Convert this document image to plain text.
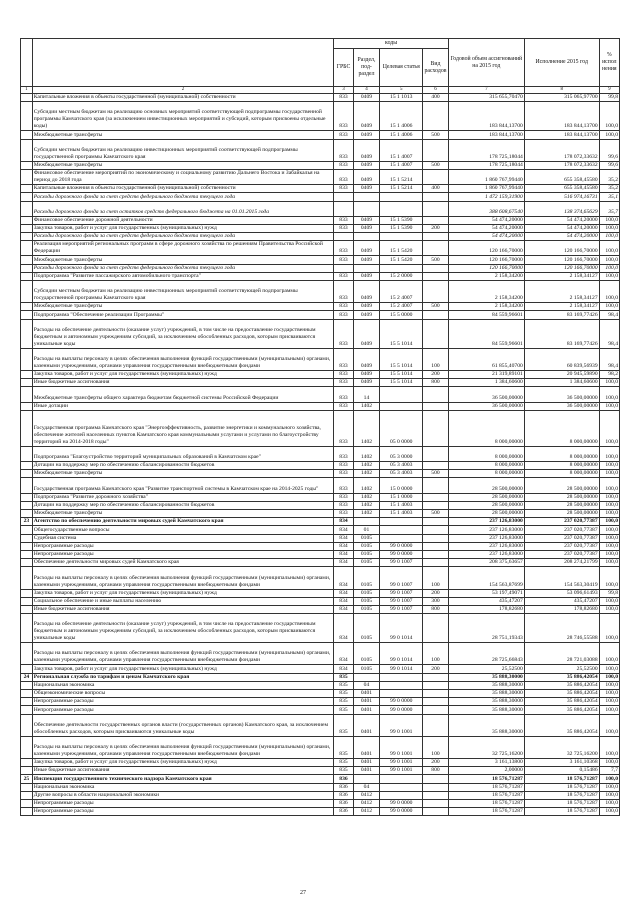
		коды				Годовой объем ассигнований на 2015 год	Исполнение 2015 год	% испол нения
		ГРБС	Раздел, под-раздел	Целевая статья	Вид расходов			
1	2	3	4	5	6	7	8	9
	Капитальные вложения в объекты государственной (муниципальной) собственности	833	0409	15 1 1013	400	315 655,70470	315 065,97700	99,8
	Субсидии местным бюджетам на реализацию основных мероприятий соответствующей подпрограммы государственной программы Камчатского края (за исключением инвестиционных мероприятий и субсидий, которым присвоены отдельные коды)	833	0409	15 1 4006		183 844,13700	183 844,13700	100,0
	Межбюджетные трансферты	833	0409	15 1 4006	500	183 844,13700	183 844,13700	100,0
	Субсидии местным бюджетам на реализацию инвестиционных мероприятий соответствующей подпрограммы государственной программы Камчатского края	833	0409	15 1 4007		178 725,18044	178 072,33632	99,6
	Межбюджетные трансферты	833	0409	15 1 4007	500	178 725,18044	178 072,33632	99,6
	Финансовое обеспечение мероприятий по экономическому и социальному развитию Дальнего Востока и Забайкалья на период до 2018 года	833	0409	15 1 5214		1 860 767,99440	655 358,45580	35,2
	Капитальные вложения в объекты государственной (муниципальной) собственности	833	0409	15 1 5214	400	1 860 767,99440	655 358,45580	35,2
	Расходы дорожного фонда за счет средств федерального бюджета текущего года					1 472 159,31900	516 974,16731	35,1
	Расходы дорожного фонда за счет остатков средств федерального бюджета на 01.01.2015 года					388 608,67540	138 374,65629	35,7
	Финансовое обеспечение дорожной деятельности	833	0409	15 1 5390		54 474,20000	54 474,20000	100,0
	Закупка товаров, работ и услуг для государственных (муниципальных) нужд	833	0409	15 1 5390	200	54 474,20000	54 474,20000	100,0
	Расходы дорожного фонда за счет средств федерального бюджета текущего года					54 474,20000	54 474,20000	100,0
	Реализация мероприятий региональных программ в сфере дорожного хозяйства по решениям Правительства Российской Федерации	833	0409	15 1 5420		120 166,70000	120 166,70000	100,0
	Межбюджетные трансферты	833	0409	15 1 5420	500	120 166,70000	120 166,70000	100,0
	Расходы дорожного фонда за счет средств федерального бюджета текущего года					120 166,70000	120 166,70000	100,0
	Подпрограмма "Развитие пассажирского автомобильного транспорта"	833	0409	15 2 0000		2 158,34200	2 158,34127	100,0
	Субсидии местным бюджетам на реализацию инвестиционных мероприятий соответствующей подпрограммы государственной программы Камчатского края	833	0409	15 2 4007		2 158,34200	2 158,34127	100,0
	Межбюджетные трансферты	833	0409	15 2 4007	500	2 158,34200	2 158,34127	100,0
	Подпрограмма "Обеспечение реализации Программы"	833	0409	15 5 0000		84 559,96601	83 169,77426	98,4
	Расходы на обеспечение деятельности (оказание услуг) учреждений, в том числе на предоставление государственным бюджетным и автономным учреждениям субсидий, за исключением обособленных расходов, которым присваиваются уникальные коды	833	0409	15 5 1014		84 559,96601	83 169,77426	98,4
	Расходы на выплаты персоналу в целях обеспечения выполнения функций государственными (муниципальными) органами, казенными учреждениями, органами управления государственными внебюджетными фондами	833	0409	15 5 1014	100	61 855,40700	60 839,56939	98,4
	Закупка товаров, работ и услуг для государственных (муниципальных) нужд	833	0409	15 5 1014	200	21 319,89101	20 945,59890	98,2
	Иные бюджетные ассигнования	833	0409	15 5 1014	800	1 384,60600	1 384,60600	100,0
	Межбюджетные трансферты общего характера бюджетам бюджетной системы Российской Федерации	833	14			36 500,00000	36 500,00000	100,0
	Иные дотации	833	1402			36 500,00000	36 500,00000	100,0
	Государственная программа Камчатского края "Энергоэффективность, развитие энергетики и коммунального хозяйства, обеспечение жителей населенных пунктов Камчатского края коммунальными услугами и услугами по благоустройству территорий на 2014-2018 годы"	833	1402	05 0 0000		8 000,00000	8 000,00000	100,0
	Подпрограмма "Благоустройство территорий муниципальных образований в Камчатском крае"	833	1402	05 3 0000		8 000,00000	8 000,00000	100,0
	Дотации на поддержку мер по обеспечению сбалансированности бюджетов	833	1402	05 3 4003		8 000,00000	8 000,00000	100,0
	Межбюджетные трансферты	833	1402	05 3 4003	500	8 000,00000	8 000,00000	100,0
	Государственная программа Камчатского края "Развитие транспортной системы в Камчатском крае на 2014-2025 годы"	833	1402	15 0 0000		28 500,00000	28 500,00000	100,0
	Подпрограмма "Развитие дорожного хозяйства"	833	1402	15 1 0000		28 500,00000	28 500,00000	100,0
	Дотации на поддержку мер по обеспечению сбалансированности бюджетов	833	1402	15 1 4003		28 500,00000	28 500,00000	100,0
	Межбюджетные трансферты	833	1402	15 1 4003	500	28 500,00000	28 500,00000	100,0
23	Агентство по обеспечению деятельности мировых судей Камчатского края	834				237 126,83000	237 020,77387	100,0
	Общегосударственные вопросы	834	01			237 126,83000	237 020,77387	100,0
	Судебная система	834	0105			237 126,83000	237 020,77387	100,0
	Непрограммные расходы	834	0105	99 0 0000		237 126,83000	237 020,77387	100,0
	Непрограммные расходы	834	0105	99 0 0000		237 126,83000	237 020,77387	100,0
	Обеспечение деятельности мировых судей Камчатского края	834	0105	99 0 1007		208 375,63657	208 274,21799	100,0
	Расходы на выплаты персоналу в целях обеспечения выполнения функций государственными (муниципальными) органами, казенными учреждениями, органами управления государственными внебюджетными фондами	834	0105	99 0 1007	100	154 563,87699	154 563,30419	100,0
	Закупка товаров, работ и услуг для государственных (муниципальных) нужд	834	0105	99 0 1007	200	53 197,49071	53 096,61493	99,8
	Социальное обеспечение и иные выплаты населению	834	0105	99 0 1007	300	435,47207	435,47207	100,0
	Иные бюджетные ассигнования	834	0105	99 0 1007	800	178,82680	178,82680	100,0
	Расходы на обеспечение деятельности (оказание услуг) учреждений, в том числе на предоставление государственным бюджетным и автономным учреждениям субсидий, за исключением обособленных расходов, которым присваиваются уникальные коды	834	0105	99 0 1014		28 751,19343	28 746,55588	100,0
	Расходы на выплаты персоналу в целях обеспечения выполнения функций государственными (муниципальными) органами, казенными учреждениями, органами управления государственными внебюджетными фондами	834	0105	99 0 1014	100	28 725,66843	28 721,03088	100,0
	Закупка товаров, работ и услуг для государственных (муниципальных) нужд	834	0105	99 0 1014	200	25,52500	25,52500	100,0
24	Региональная служба по тарифам и ценам Камчатского края	835				35 888,30000	35 886,42054	100,0
	Национальная экономика	835	04			35 888,30000	35 886,42054	100,0
	Общеэкономические вопросы	835	0401			35 888,30000	35 886,42054	100,0
	Непрограммные расходы	835	0401	99 0 0000		35 888,30000	35 886,42054	100,0
	Непрограммные расходы	835	0401	99 0 0000		35 888,30000	35 886,42054	100,0
	Обеспечение деятельности государственных органов власти (государственных органов) Камчатского края, за исключением обособленных расходов, которым присваиваются уникальные коды	835	0401	99 0 1001		35 888,30000	35 886,42054	100,0
	Расходы на выплаты персоналу в целях обеспечения выполнения функций государственными (муниципальными) органами, казенными учреждениями, органами управления государственными внебюджетными фондами	835	0401	99 0 1001	100	32 725,16200	32 725,16200	100,0
	Закупка товаров, работ и услуг для государственных (муниципальных) нужд	835	0401	99 0 1001	200	3 161,13800	3 161,10368	100,0
	Иные бюджетные ассигнования	835	0401	99 0 1001	800	2,00000	0,15486	7,7
25	Инспекция государственного технического надзора Камчатского края	836				18 576,71287	18 576,71287	100,0
	Национальная экономика	836	04			18 576,71287	18 576,71287	100,0
	Другие вопросы в области национальной экономики	836	0412			18 576,71287	18 576,71287	100,0
	Непрограммные расходы	836	0412	99 0 0000		18 576,71287	18 576,71287	100,0
	Непрограммные расходы	836	0412	99 0 0000		18 576,71287	18 576,71287	100,0
27
